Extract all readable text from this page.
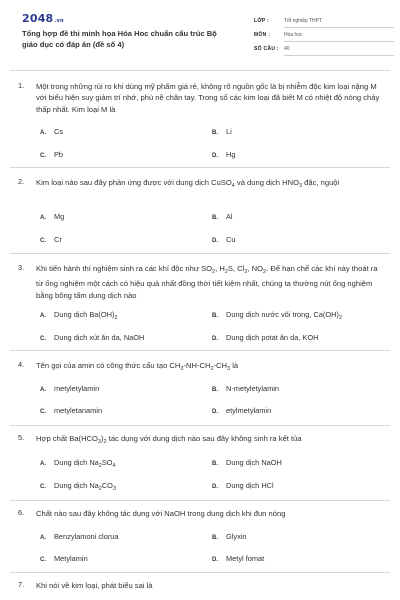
2048.vn
Tổng hợp đề thi minh họa Hóa Hoc chuẩn cấu trúc Bộ giáo dục có đáp án (đề số 4)
LỚP :	Tốt nghiệp THPT
MÔN :	Hóa học
SỐ CÂU : 40
1. Một trong những rủi ro khi dùng mỹ phẩm giá rẻ, không rõ nguồn gốc là bị nhiễm độc kim loại nặng M với biểu hiện suy giảm trí nhớ, phù nề chân tay. Trong số các kim loại đã biết M có nhiệt độ nóng chảy thấp nhất. Kim loại M là
A. Cs	B. Li
C. Pb	D. Hg
2. Kim loại nào sau đây phản ứng được với dung dịch CuSO$_4$ và dung dịch $HNO_3$ đặc, nguội
A. Mg	B. Al
C. Cr	D. Cu
3. Khi tiến hành thí nghiệm sinh ra các khí độc như $SO_2$, $H_2S$, $Cl_2$, $NO_2$. Để hạn chế các khí này thoát ra từ ống nghiệm một cách có hiệu quả nhất đồng thời tiết kiệm nhất, chúng ta thường nút ống nghiệm bằng bông tẩm dung dịch nào
A. Dung dịch $Ba(OH)_2$	B. Dung dịch nước vôi trong, $Ca(OH)_2$
C. Dung dịch xút ăn da, NaOH	D. Dung dịch potat ăn da, KOH
4. Tên gọi của amin có công thức cấu tạo $CH_3-NH-CH_2-CH_3$ là
A. metyletylamin	B. N-metyletylamin
C. metyletanamin	D. etylmetylamin
5. Hợp chất $Ba(HCO_3)_2$ tác dụng với dung dịch nào sau đây không sinh ra kết tủa
A. Dung dịch $Na_2SO_4$	B. Dung dịch NaOH
C. Dung dịch $Na_2CO_3$	D. Dung dịch HCl
6. Chất nào sau đây không tác dụng với NaOH trong dung dịch khi đun nóng
A. Benzylamoni clorua	B. Glyxin
C. Metylamin	D. Metyl fomat
7. Khi nói về kim loại, phát biểu sai là
